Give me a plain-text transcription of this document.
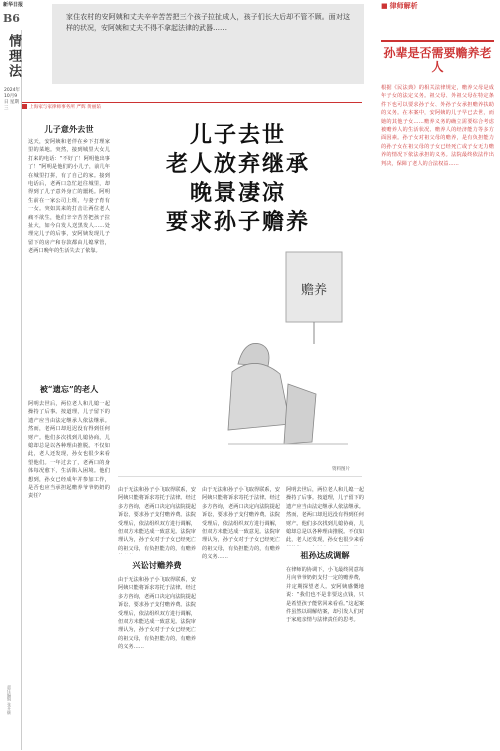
新华日报
B6
情理法
2024年10月9日 星期三
责任编辑 张开颐
家住农村的安阿姨和丈夫辛辛苦苦把三个孩子拉扯成人，孩子们长大后却不管不顾。面对这样的状况，安阿姨和丈夫不得不拿起法律的武器……
■ 律师解析
孙辈是否需要赡养老人
根据《民法典》的相关法律规定，赡养父母是成年子女的法定义务。祖父母、外祖父母在特定条件下也可以要求孙子女、外孙子女承担赡养扶助的义务。在本案中，安阿姨的儿子早已去世，而她的其他子女……赡养义务的确立需要综合考虑被赡养人的生活状况、赡养人的经济能力等多方面因素。孙子女对祖父母的赡养，是有负担能力的孙子女在祖父母的子女已经死亡或子女无力赡养的情况下依法承担的义务。法院最终依法作出判决，保障了老人的合法权益……
上海家与家律师事务所 严辉 黄丽茹
儿子意外去世
这天，安阿姨和老伴在乡下打理家里的菜地。突然，接到城里大女儿打来的电话：“不好了！阿明他出事了！”阿明是他们的小儿子，前几年在城里打拼，有了自己的家。接到电话后，老两口急忙赶往城里，却得到了儿子意外身亡的噩耗。阿明生前在一家公司上班，与妻子育有一女。突如其来的打击让两位老人痛不欲生，他们辛辛苦苦把孩子拉扯大，如今白发人送黑发人……处理完儿子的后事，安阿姨发现儿子留下的房产和存款都由儿媳掌管，老两口晚年的生活失去了依靠。
被“遗忘”的老人
阿明去世后，两位老人和儿媳一起操持了后事。按道理，儿子留下的遗产应当由法定继承人依法继承。然而，老两口却迟迟没有得到任何财产。他们多次找到儿媳协商，儿媳却总是以各种理由推脱。不仅如此，老人还发现，孙女也很少来看望他们。一年过去了，老两口的身体每况愈下，生活陷入困境。他们想到，孙女已经成年并参加工作，是否也应当承担起赡养爷爷奶奶的责任？
儿子去世
老人放弃继承
晚景凄凉
要求孙子赡养
赡养
资料图片
由于无法和孙子小飞取得联系，安阿姨只能将诉求寄托于法律。经过多方咨询，老两口决定向法院提起诉讼，要求孙子支付赡养费。法院受理后，依法组织双方进行调解，但双方未能达成一致意见。法院审理认为，孙子女对于子女已经死亡的祖父母，有负担能力的，有赡养
兴讼讨赡养费
由于无法和孙子小飞取得联系，安阿姨只能将诉求寄托于法律。经过多方咨询，老两口决定向法院提起诉讼，要求孙子支付赡养费。法院受理后，依法组织双方进行调解，但双方未能达成一致意见。法院审理认为，孙子女对于子女已经死亡的祖父母，有负担能力的，有赡养的义务……
由于无法和孙子小飞取得联系，安阿姨只能将诉求寄托于法律。经过多方咨询，老两口决定向法院提起诉讼，要求孙子支付赡养费。法院受理后，依法组织双方进行调解，但双方未能达成一致意见。法院审理认为，孙子女对于子女已经死亡的祖父母，有负担能力的，有赡养的义务……
阿明去世后，两位老人和儿媳一起操持了后事。按道理，儿子留下的遗产应当由法定继承人依法继承。然而，老两口却迟迟没有得到任何财产。他们多次找到儿媳协商，儿媳却总是以各种理由推脱。不仅如此，老人还发现，孙女也很少来看
祖孙达成调解
在律师的协调下，小飞最终同意每月向爷爷奶奶支付一定的赡养费，并定期探望老人。安阿姨感慨地说：“我们也不是非要这点钱，只是希望孩子能常回来看看。”这起案件虽然以调解结案，却引发人们对于家庭亲情与法律责任的思考。
